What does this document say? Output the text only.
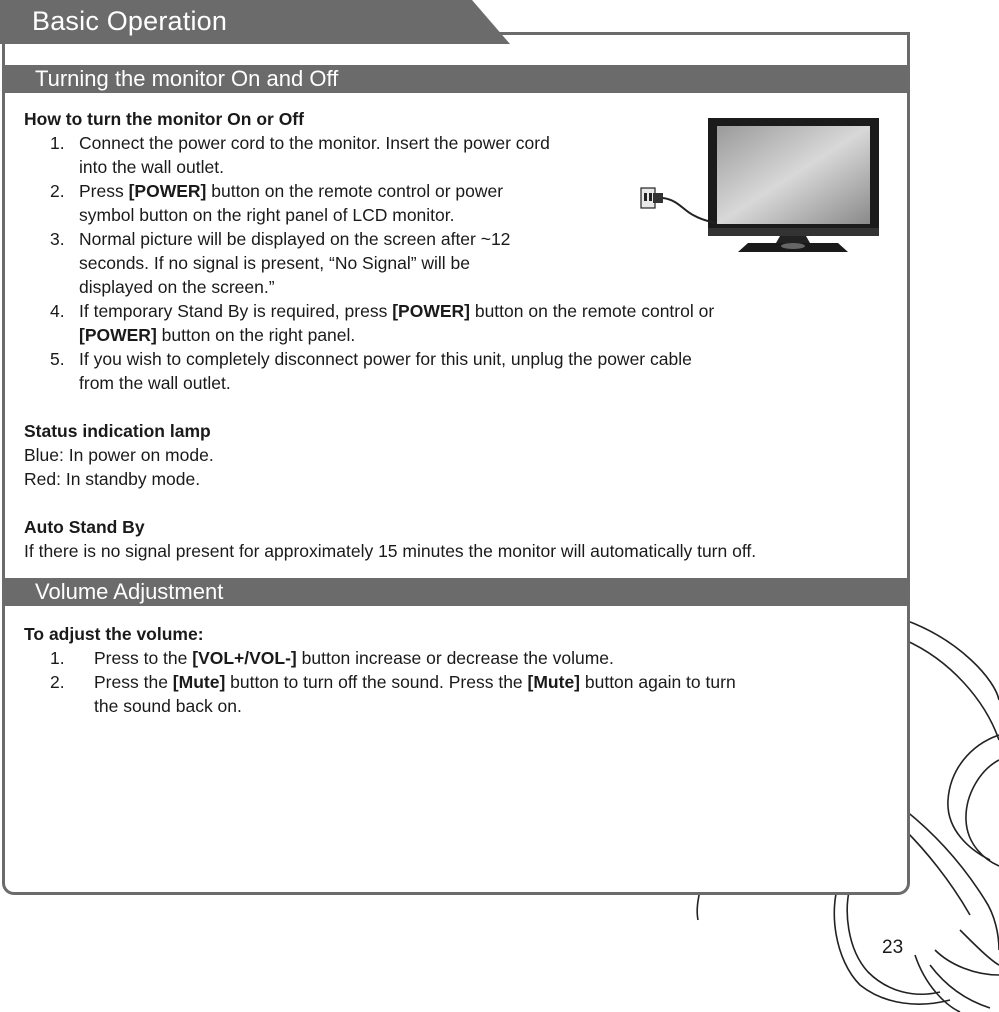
Basic Operation
Turning the monitor On and Off
How to turn the monitor On or Off
1. Connect the power cord to the monitor. Insert the power cord
into the wall outlet.
2. Press [POWER] button on the remote control or power
symbol button on the right panel of LCD monitor.
3. Normal picture will be displayed on the screen after ~12
seconds. If no signal is present, “No Signal” will be
displayed on the screen.”
4. If temporary Stand By is required, press [POWER] button on the remote control or
[POWER] button on the right panel.
5. If you wish to completely disconnect power for this unit, unplug the power cable
from the wall outlet.
Status indication lamp
Blue: In power on mode.
Red: In standby mode.
Auto Stand By
If there is no signal present for approximately 15 minutes the monitor will automatically turn off.
Volume Adjustment
To adjust the volume:
1. Press to the [VOL+/VOL-] button increase or decrease the volume.
2. Press the [Mute] button to turn off the sound. Press the [Mute] button again to turn
the sound back on.
23
